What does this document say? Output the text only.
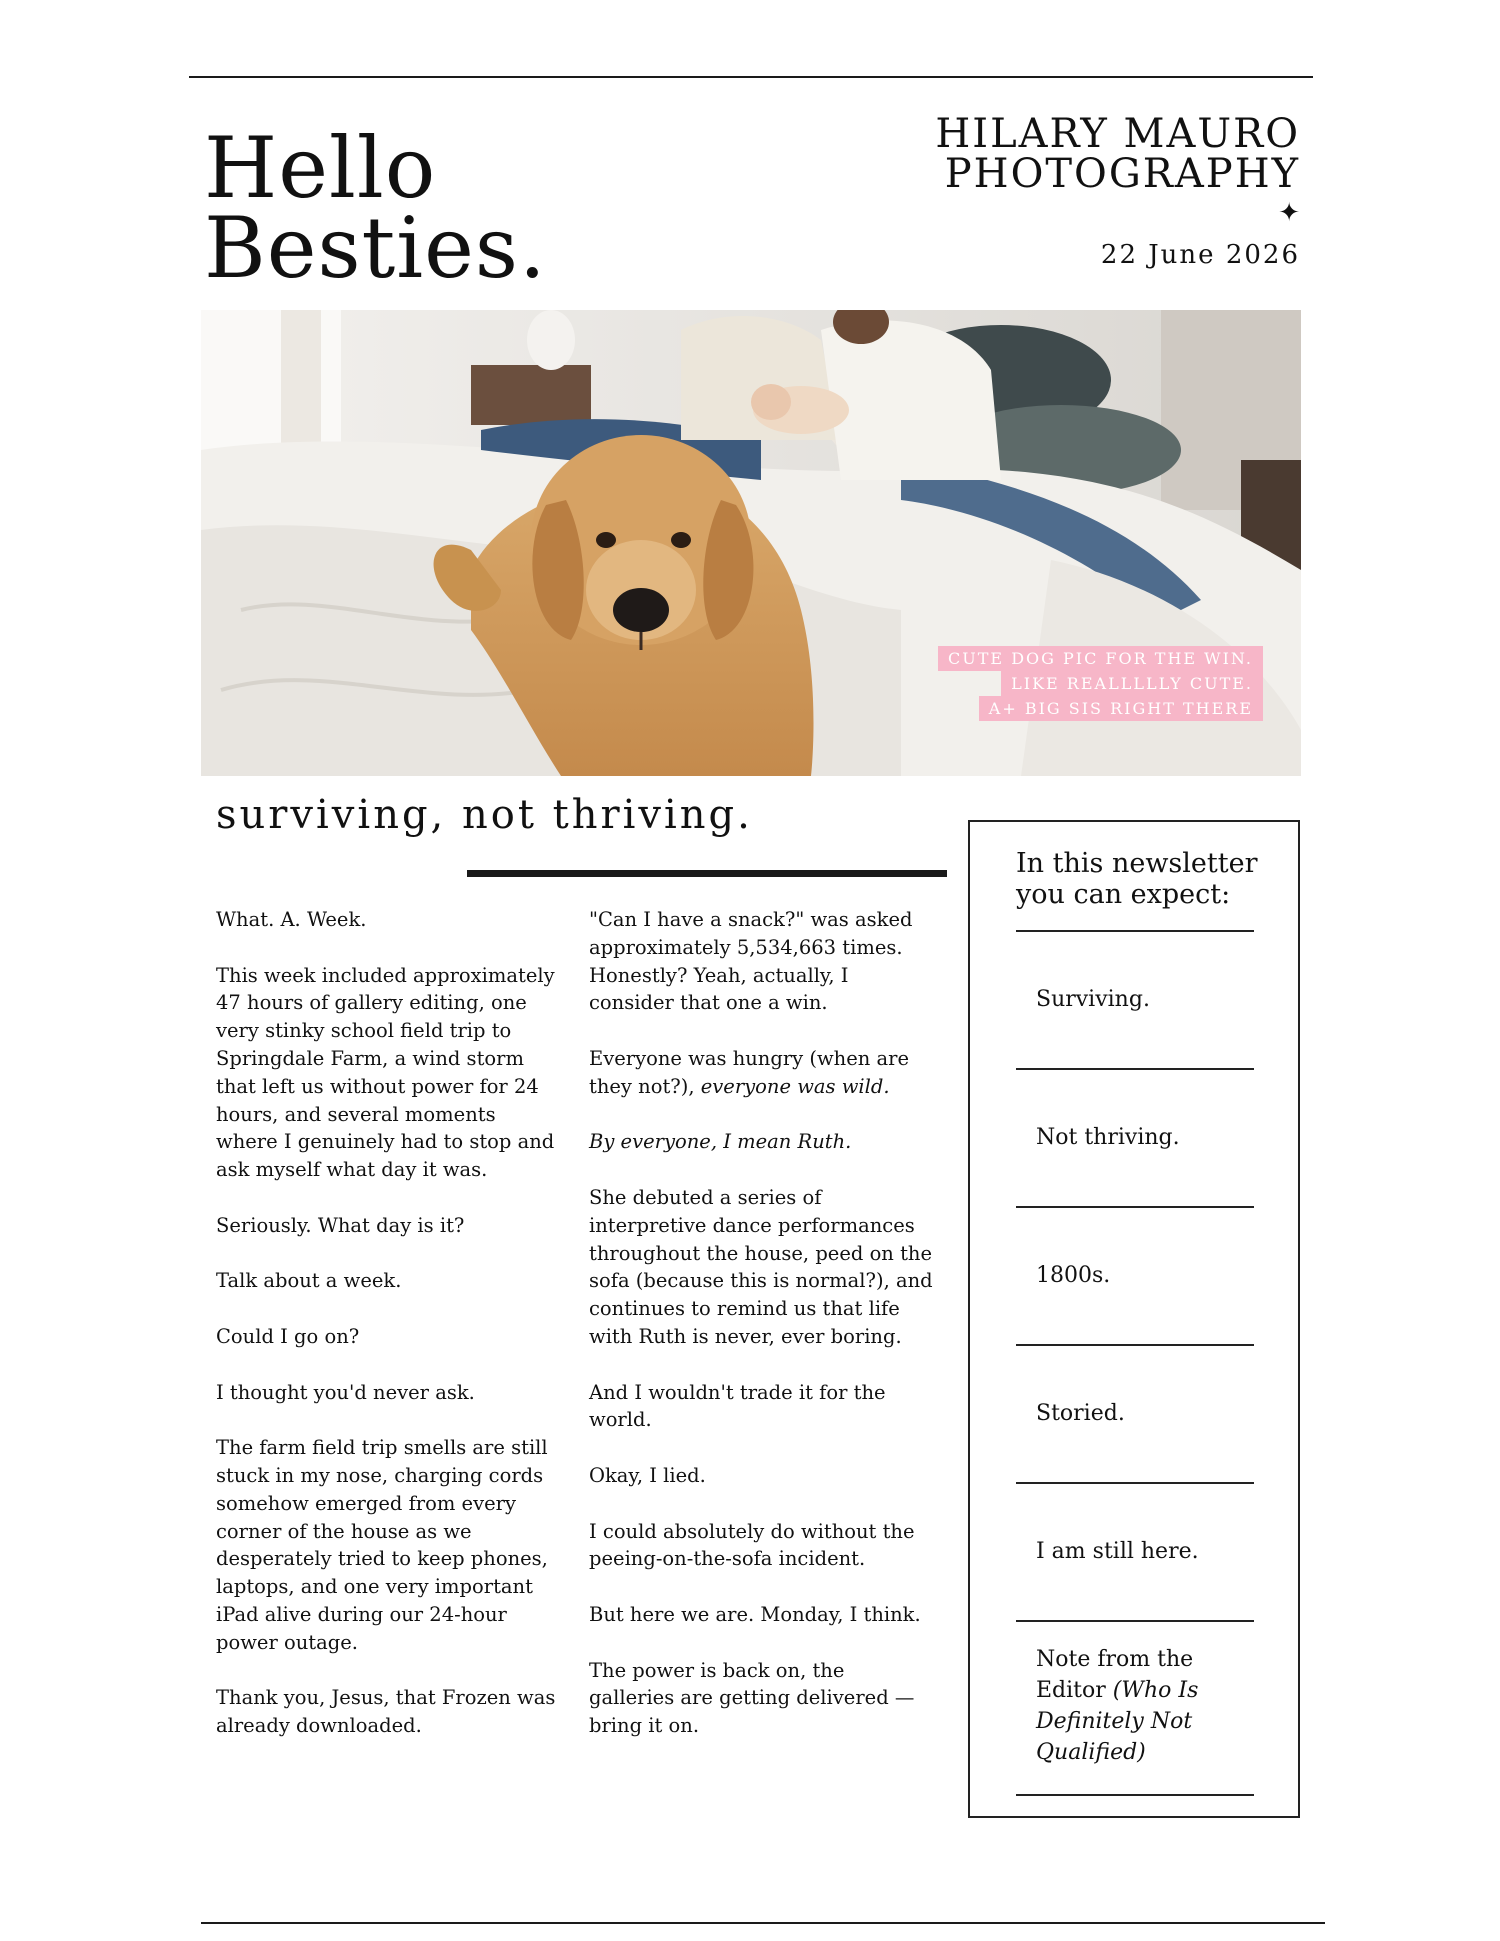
Hello
Besties.
HILARY MAURO
PHOTOGRAPHY
✦
22 June 2026
CUTE DOG PIC FOR THE WIN.
LIKE REALLLLLY CUTE.
A+ BIG SIS RIGHT THERE
surviving, not thriving.

What. A. Week.

This week included approximately 47 hours of gallery editing, one very stinky school field trip to Springdale Farm, a wind storm that left us without power for 24 hours, and several moments where I genuinely had to stop and ask myself what day it was.

Seriously. What day is it?

Talk about a week.

Could I go on?

I thought you'd never ask.

The farm field trip smells are still stuck in my nose, charging cords somehow emerged from every corner of the house as we desperately tried to keep phones, laptops, and one very important iPad alive during our 24-hour power outage.

Thank you, Jesus, that Frozen was already downloaded.

"Can I have a snack?" was asked approximately 5,534,663 times. Honestly? Yeah, actually, I consider that one a win.

Everyone was hungry (when are they not?), everyone was wild.

By everyone, I mean Ruth.

She debuted a series of interpretive dance performances throughout the house, peed on the sofa (because this is normal?), and continues to remind us that life with Ruth is never, ever boring.

And I wouldn't trade it for the world.

Okay, I lied.

I could absolutely do without the peeing-on-the-sofa incident.

But here we are. Monday, I think.

The power is back on, the galleries are getting delivered — bring it on.

In this newsletter
you can expect:
Surviving.
Not thriving.
1800s.
Storied.
I am still here.
Note from the Editor (Who Is Definitely Not Qualified)
